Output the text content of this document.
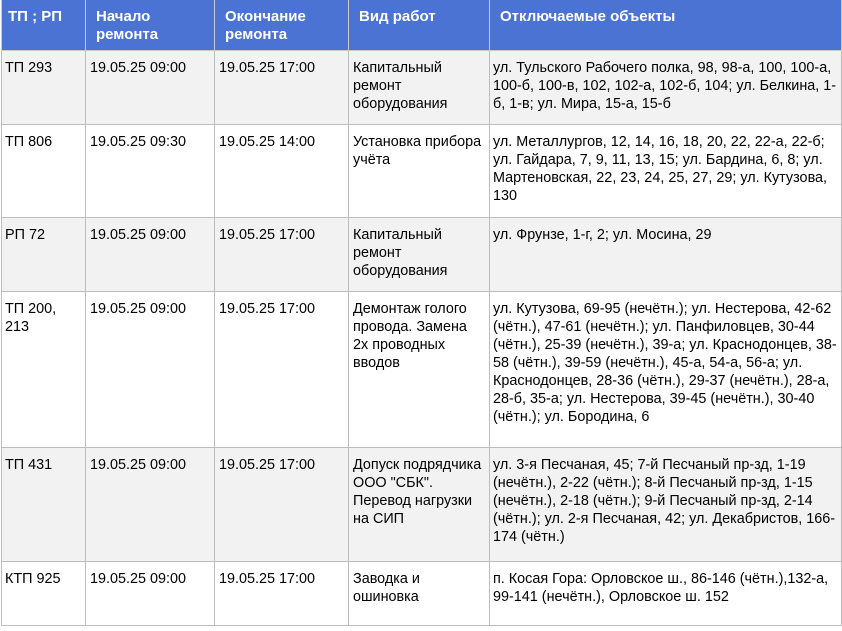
ТП ; РП	Начало ремонта	Окончание ремонта	Вид работ	Отключаемые объекты
ТП 293	19.05.25 09:00	19.05.25 17:00	Капитальный ремонт оборудования	ул. Тульского Рабочего полка, 98, 98-а, 100, 100-а, 100-б, 100-в, 102, 102-а, 102-б, 104; ул. Белкина, 1-б, 1-в; ул. Мира, 15-а, 15-б
ТП 806	19.05.25 09:30	19.05.25 14:00	Установка прибора учёта	ул. Металлургов, 12, 14, 16, 18, 20, 22, 22-а, 22-б; ул. Гайдара, 7, 9, 11, 13, 15; ул. Бардина, 6, 8; ул. Мартеновская, 22, 23, 24, 25, 27, 29; ул. Кутузова, 130
РП 72	19.05.25 09:00	19.05.25 17:00	Капитальный ремонт оборудования	ул. Фрунзе, 1-г, 2; ул. Мосина, 29
ТП 200, 213	19.05.25 09:00	19.05.25 17:00	Демонтаж голого провода. Замена 2х проводных вводов	ул. Кутузова, 69-95 (нечётн.); ул. Нестерова, 42-62 (чётн.), 47-61 (нечётн.); ул. Панфиловцев, 30-44 (чётн.), 25-39 (нечётн.), 39-а; ул. Краснодонцев, 38-58 (чётн.), 39-59 (нечётн.), 45-а, 54-а, 56-а; ул. Краснодонцев, 28-36 (чётн.), 29-37 (нечётн.), 28-а, 28-б, 35-а; ул. Нестерова, 39-45 (нечётн.), 30-40 (чётн.); ул. Бородина, 6
ТП 431	19.05.25 09:00	19.05.25 17:00	Допуск подрядчика ООО "СБК". Перевод нагрузки на СИП	ул. 3-я Песчаная, 45; 7-й Песчаный пр-зд, 1-19 (нечётн.), 2-22 (чётн.); 8-й Песчаный пр-зд, 1-15 (нечётн.), 2-18 (чётн.); 9-й Песчаный пр-зд, 2-14 (чётн.); ул. 2-я Песчаная, 42; ул. Декабристов, 166-174 (чётн.)
КТП 925	19.05.25 09:00	19.05.25 17:00	Заводка и ошиновка	п. Косая Гора: Орловское ш., 86-146 (чётн.),132-а, 99-141 (нечётн.), Орловское ш. 152
